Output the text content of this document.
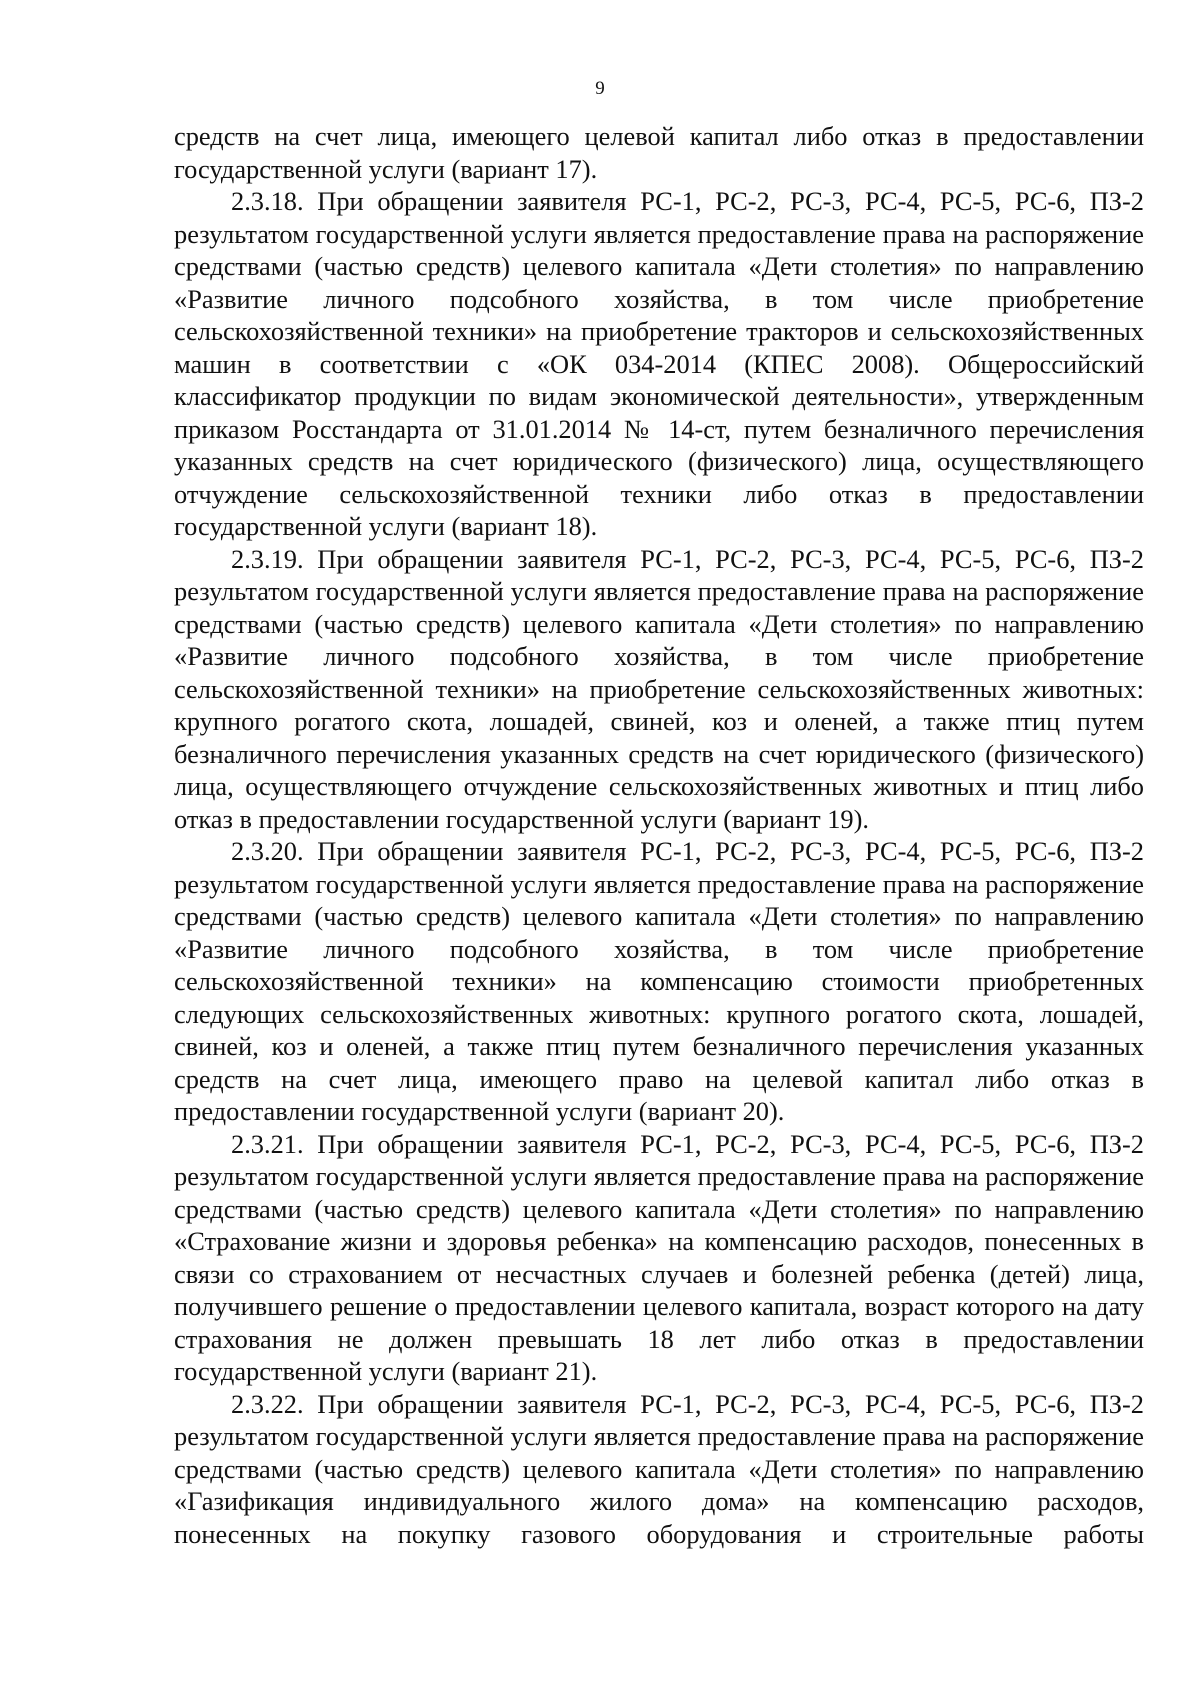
9

средств на счет лица, имеющего целевой капитал либо отказ в предоставлении государственной услуги (вариант 17).

2.3.18. При обращении заявителя РС-1, РС-2, РС-3, РС-4, РС-5, РС-6, ПЗ-2 результатом государственной услуги является предоставление права на распоряжение средствами (частью средств) целевого капитала «Дети столетия» по направлению «Развитие личного подсобного хозяйства, в том числе приобретение сельскохозяйственной техники» на приобретение тракторов и сельскохозяйственных машин в соответствии с «ОК 034-2014 (КПЕС 2008). Общероссийский классификатор продукции по видам экономической деятельности», утвержденным приказом Росстандарта от 31.01.2014 № 14-ст, путем безналичного перечисления указанных средств на счет юридического (физического) лица, осуществляющего отчуждение сельскохозяйственной техники либо отказ в предоставлении государственной услуги (вариант 18).

2.3.19. При обращении заявителя РС-1, РС-2, РС-3, РС-4, РС-5, РС-6, ПЗ-2 результатом государственной услуги является предоставление права на распоряжение средствами (частью средств) целевого капитала «Дети столетия» по направлению «Развитие личного подсобного хозяйства, в том числе приобретение сельскохозяйственной техники» на приобретение сельскохозяйственных животных: крупного рогатого скота, лошадей, свиней, коз и оленей, а также птиц путем безналичного перечисления указанных средств на счет юридического (физического) лица, осуществляющего отчуждение сельскохозяйственных животных и птиц либо отказ в предоставлении государственной услуги (вариант 19).

2.3.20. При обращении заявителя РС-1, РС-2, РС-3, РС-4, РС-5, РС-6, ПЗ-2 результатом государственной услуги является предоставление права на распоряжение средствами (частью средств) целевого капитала «Дети столетия» по направлению «Развитие личного подсобного хозяйства, в том числе приобретение сельскохозяйственной техники» на компенсацию стоимости приобретенных следующих сельскохозяйственных животных: крупного рогатого скота, лошадей, свиней, коз и оленей, а также птиц путем безналичного перечисления указанных средств на счет лица, имеющего право на целевой капитал либо отказ в предоставлении государственной услуги (вариант 20).

2.3.21. При обращении заявителя РС-1, РС-2, РС-3, РС-4, РС-5, РС-6, ПЗ-2 результатом государственной услуги является предоставление права на распоряжение средствами (частью средств) целевого капитала «Дети столетия» по направлению «Страхование жизни и здоровья ребенка» на компенсацию расходов, понесенных в связи со страхованием от несчастных случаев и болезней ребенка (детей) лица, получившего решение о предоставлении целевого капитала, возраст которого на дату страхования не должен превышать 18 лет либо отказ в предоставлении государственной услуги (вариант 21).

2.3.22. При обращении заявителя РС-1, РС-2, РС-3, РС-4, РС-5, РС-6, ПЗ-2 результатом государственной услуги является предоставление права на распоряжение средствами (частью средств) целевого капитала «Дети столетия» по направлению «Газификация индивидуального жилого дома» на компенсацию расходов, понесенных на покупку газового оборудования и строительные работы
